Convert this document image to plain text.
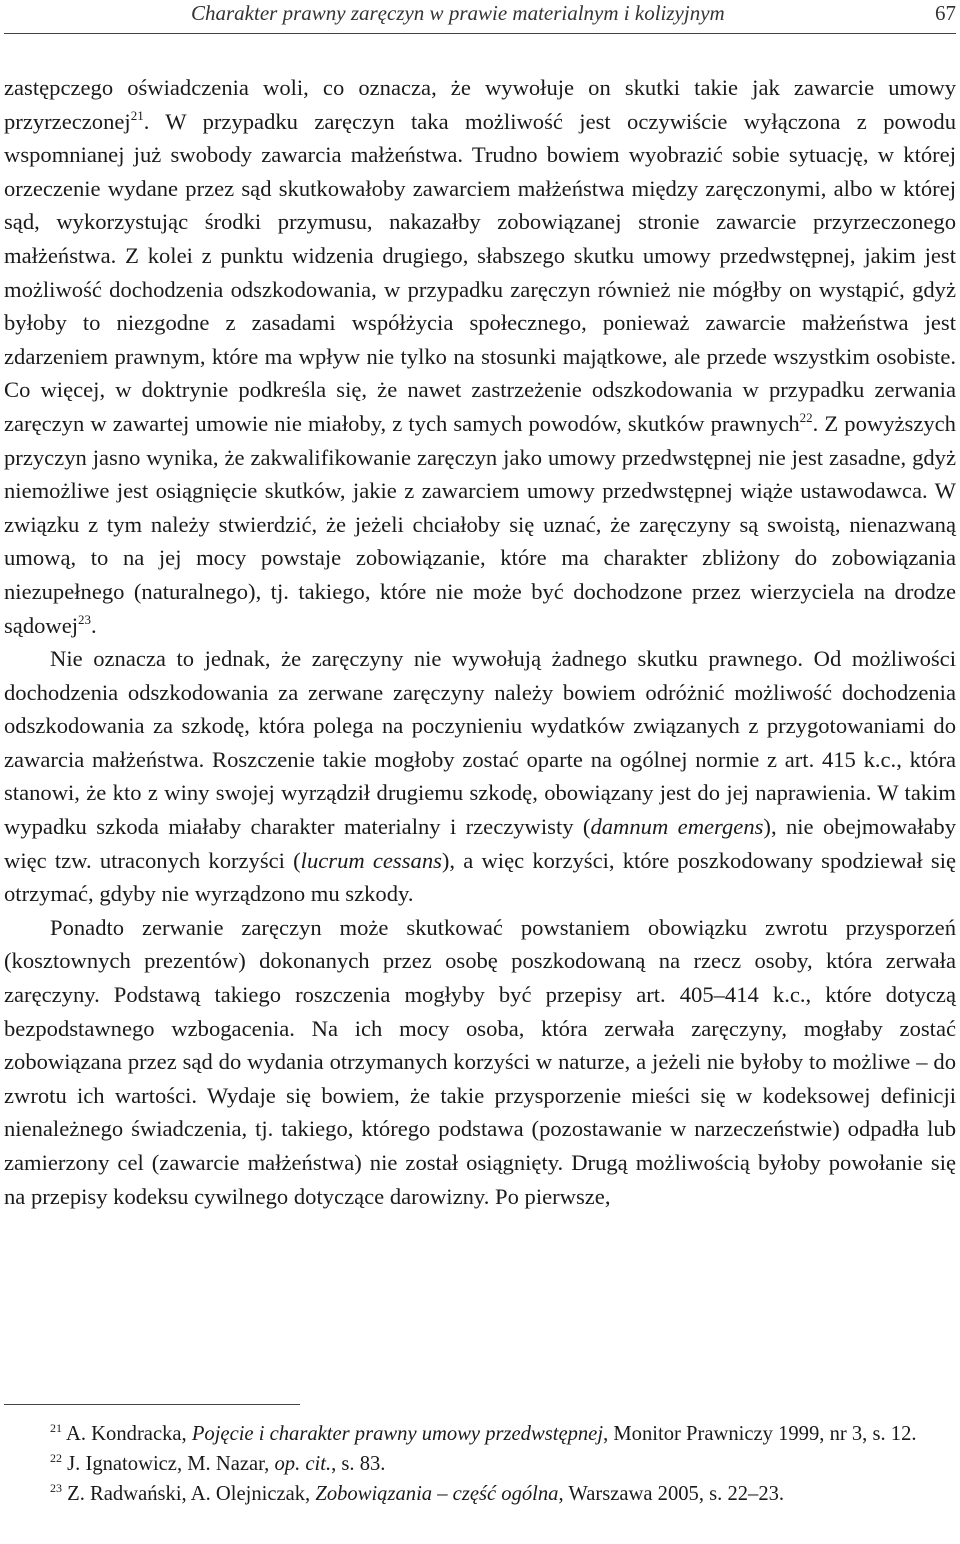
Charakter prawny zaręczyn w prawie materialnym i kolizyjnym	67

zastępczego oświadczenia woli, co oznacza, że wywołuje on skutki takie jak zawarcie umowy przyrzeczonej$^{21}$. W przypadku zaręczyn taka możliwość jest oczywiście wyłączona z powodu wspomnianej już swobody zawarcia małżeństwa. Trudno bowiem wyobrazić sobie sytuację, w której orzeczenie wydane przez sąd skutkowałoby zawarciem małżeństwa między zaręczonymi, albo w której sąd, wykorzystując środki przymusu, nakazałby zobowiązanej stronie zawarcie przyrzeczonego małżeństwa. Z kolei z punktu widzenia drugiego, słabszego skutku umowy przedwstępnej, jakim jest możliwość dochodzenia odszkodowania, w przypadku zaręczyn również nie mógłby on wystąpić, gdyż byłoby to niezgodne z zasadami współżycia społecznego, ponieważ zawarcie małżeństwa jest zdarzeniem prawnym, które ma wpływ nie tylko na stosunki majątkowe, ale przede wszystkim osobiste. Co więcej, w doktrynie podkreśla się, że nawet zastrzeżenie odszkodowania w przypadku zerwania zaręczyn w zawartej umowie nie miałoby, z tych samych powodów, skutków prawnych$^{22}$. Z powyższych przyczyn jasno wynika, że zakwalifikowanie zaręczyn jako umowy przedwstępnej nie jest zasadne, gdyż niemożliwe jest osiągnięcie skutków, jakie z zawarciem umowy przedwstępnej wiąże ustawodawca. W związku z tym należy stwierdzić, że jeżeli chciałoby się uznać, że zaręczyny są swoistą, nienazwaną umową, to na jej mocy powstaje zobowiązanie, które ma charakter zbliżony do zobowiązania niezupełnego (naturalnego), tj. takiego, które nie może być dochodzone przez wierzyciela na drodze sądowej$^{23}$.

Nie oznacza to jednak, że zaręczyny nie wywołują żadnego skutku prawnego. Od możliwości dochodzenia odszkodowania za zerwane zaręczyny należy bowiem odróżnić możliwość dochodzenia odszkodowania za szkodę, która polega na poczynieniu wydatków związanych z przygotowaniami do zawarcia małżeństwa. Roszczenie takie mogłoby zostać oparte na ogólnej normie z art. 415 k.c., która stanowi, że kto z winy swojej wyrządził drugiemu szkodę, obowiązany jest do jej naprawienia. W takim wypadku szkoda miałaby charakter materialny i rzeczywisty (damnum emergens), nie obejmowałaby więc tzw. utraconych korzyści (lucrum cessans), a więc korzyści, które poszkodowany spodziewał się otrzymać, gdyby nie wyrządzono mu szkody.

Ponadto zerwanie zaręczyn może skutkować powstaniem obowiązku zwrotu przysporzeń (kosztownych prezentów) dokonanych przez osobę poszkodowaną na rzecz osoby, która zerwała zaręczyny. Podstawą takiego roszczenia mogłyby być przepisy art. 405–414 k.c., które dotyczą bezpodstawnego wzbogacenia. Na ich mocy osoba, która zerwała zaręczyny, mogłaby zostać zobowiązana przez sąd do wydania otrzymanych korzyści w naturze, a jeżeli nie byłoby to możliwe – do zwrotu ich wartości. Wydaje się bowiem, że takie przysporzenie mieści się w kodeksowej definicji nienależnego świadczenia, tj. takiego, którego podstawa (pozostawanie w narzeczeństwie) odpadła lub zamierzony cel (zawarcie małżeństwa) nie został osiągnięty. Drugą możliwością byłoby powołanie się na przepisy kodeksu cywilnego dotyczące darowizny. Po pierwsze,

$^{21}$ A. Kondracka, Pojęcie i charakter prawny umowy przedwstępnej, Monitor Prawniczy 1999, nr 3, s. 12.

$^{22}$ J. Ignatowicz, M. Nazar, op. cit., s. 83.

$^{23}$ Z. Radwański, A. Olejniczak, Zobowiązania – część ogólna, Warszawa 2005, s. 22–23.
